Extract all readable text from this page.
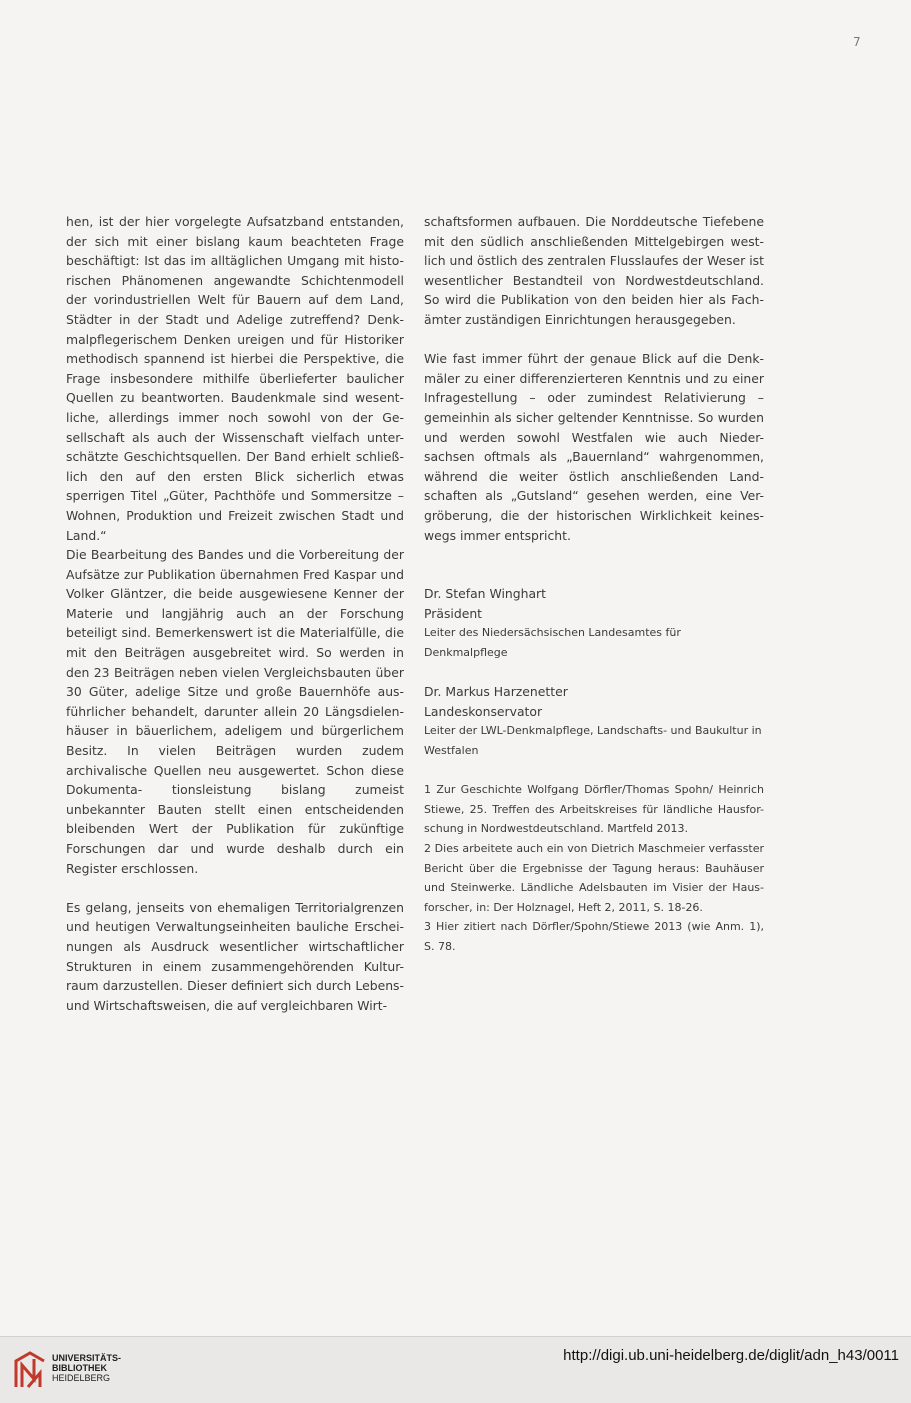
7

hen, ist der hier vorgelegte Aufsatzband entstanden, der sich mit einer bislang kaum beachteten Frage beschäftigt: Ist das im alltäglichen Umgang mit histo- rischen Phänomenen angewandte Schichtenmodell der vorindustriellen Welt für Bauern auf dem Land, Städter in der Stadt und Adelige zutreffend? Denk- malpflegerischem Denken ureigen und für Historiker methodisch spannend ist hierbei die Perspektive, die Frage insbesondere mithilfe überlieferter baulicher Quellen zu beantworten. Baudenkmale sind wesent- liche, allerdings immer noch sowohl von der Ge- sellschaft als auch der Wissenschaft vielfach unter- schätzte Geschichtsquellen. Der Band erhielt schließ- lich den auf den ersten Blick sicherlich etwas sperrigen Titel „Güter, Pachthöfe und Sommersitze – Wohnen, Produktion und Freizeit zwischen Stadt und Land.“

Die Bearbeitung des Bandes und die Vorbereitung der Aufsätze zur Publikation übernahmen Fred Kaspar und Volker Gläntzer, die beide ausgewiesene Kenner der Materie und langjährig auch an der Forschung beteiligt sind. Bemerkenswert ist die Materialfülle, die mit den Beiträgen ausgebreitet wird. So werden in den 23 Beiträgen neben vielen Vergleichsbauten über 30 Güter, adelige Sitze und große Bauernhöfe aus- führlicher behandelt, darunter allein 20 Längsdielen- häuser in bäuerlichem, adeligem und bürgerlichem Besitz. In vielen Beiträgen wurden zudem archivalische Quellen neu ausgewertet. Schon diese Dokumenta- tionsleistung bislang zumeist unbekannter Bauten stellt einen entscheidenden bleibenden Wert der Publikation für zukünftige Forschungen dar und wurde deshalb durch ein Register erschlossen.

Es gelang, jenseits von ehemaligen Territorialgrenzen und heutigen Verwaltungseinheiten bauliche Erschei- nungen als Ausdruck wesentlicher wirtschaftlicher Strukturen in einem zusammengehörenden Kultur- raum darzustellen. Dieser definiert sich durch Lebens- und Wirtschaftsweisen, die auf vergleichbaren Wirt-

schaftsformen aufbauen. Die Norddeutsche Tiefebene mit den südlich anschließenden Mittelgebirgen west- lich und östlich des zentralen Flusslaufes der Weser ist wesentlicher Bestandteil von Nordwestdeutschland. So wird die Publikation von den beiden hier als Fach- ämter zuständigen Einrichtungen herausgegeben.

Wie fast immer führt der genaue Blick auf die Denk- mäler zu einer differenzierteren Kenntnis und zu einer Infragestellung – oder zumindest Relativierung – gemeinhin als sicher geltender Kenntnisse. So wurden und werden sowohl Westfalen wie auch Nieder- sachsen oftmals als „Bauernland“ wahrgenommen, während die weiter östlich anschließenden Land- schaften als „Gutsland“ gesehen werden, eine Ver- gröberung, die der historischen Wirklichkeit keines- wegs immer entspricht.

Dr. Stefan Winghart

Präsident

Leiter des Niedersächsischen Landesamtes für Denkmalpflege

Dr. Markus Harzenetter

Landeskonservator

Leiter der LWL-Denkmalpflege, Landschafts- und Baukultur in Westfalen

1 Zur Geschichte Wolfgang Dörfler/Thomas Spohn/ Heinrich Stiewe, 25. Treffen des Arbeitskreises für ländliche Hausfor- schung in Nordwestdeutschland. Martfeld 2013.

2 Dies arbeitete auch ein von Dietrich Maschmeier verfasster Bericht über die Ergebnisse der Tagung heraus: Bauhäuser und Steinwerke. Ländliche Adelsbauten im Visier der Haus- forscher, in: Der Holznagel, Heft 2, 2011, S. 18-26.

3 Hier zitiert nach Dörfler/Spohn/Stiewe 2013 (wie Anm. 1), S. 78.

UNIVERSITÄTS-
BIBLIOTHEK
HEIDELBERG
http://digi.ub.uni-heidelberg.de/diglit/adn_h43/0011
